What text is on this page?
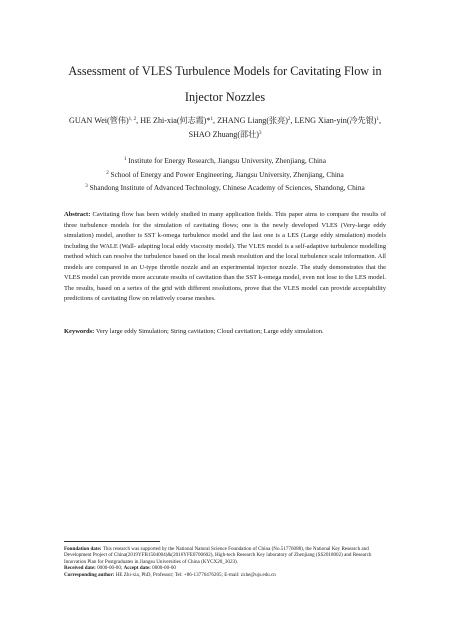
Assessment of VLES Turbulence Models for Cavitating Flow in
Injector Nozzles
GUAN Wei(管伟)$^{1, 2}$, HE Zhi-xia(何志霞)*$^1$, ZHANG Liang(张亮)$^2$, LENG Xian-yin(冷先银)$^1$,
SHAO Zhuang(邵壮)$^3$
$^1$ Institute for Energy Research, Jiangsu University, Zhenjiang, China
$^2$ School of Energy and Power Engineering, Jiangsu University, Zhenjiang, China
$^3$ Shandong Institute of Advanced Technology, Chinese Academy of Sciences, Shandong, China
Abstract: Cavitating flow has been widely studied in many application fields. This paper aims to compare the results of three turbulence models for the simulation of cavitating flows; one is the newly developed VLES (Very-large eddy simulation) model, another is SST k-omega turbulence model and the last one is a LES (Large eddy simulation) models including the WALE (Wall- adapting local eddy viscosity model). The VLES model is a self-adaptive turbulence modelling method which can resolve the turbulence based on the local mesh resolution and the local turbulence scale information. All models are compared in an U-type throttle nozzle and an experimental injector nozzle. The study demonstrates that the VLES model can provide more accurate results of cavitation than the SST k-omega model, even not lose to the LES model. The results, based on a series of the grid with different resolutions, prove that the VLES model can provide acceptability predictions of cavitating flow on relatively coarse meshes.
Keywords: Very large eddy Simulation; String cavitation; Cloud cavitation; Large eddy simulation.
Foundation date: This research was supported by the National Natural Science Foundation of China (No.51776088), the National Key Research and Development Project of China(2019YFB1504004)&(2016YFE0700602), High-tech Research Key laboratory of Zhenjiang (SS2018002) and Research Innovation Plan for Postgraduates in Jiangsu Universities of China (KYCX20_3023).
Received date: 0000-00-00; Accept date: 0000-00-00
Corresponding author: HE Zhi-xia, PhD, Professor; Tel: +86-13776476205; E-mail: zxhe@ujs.edu.cn
